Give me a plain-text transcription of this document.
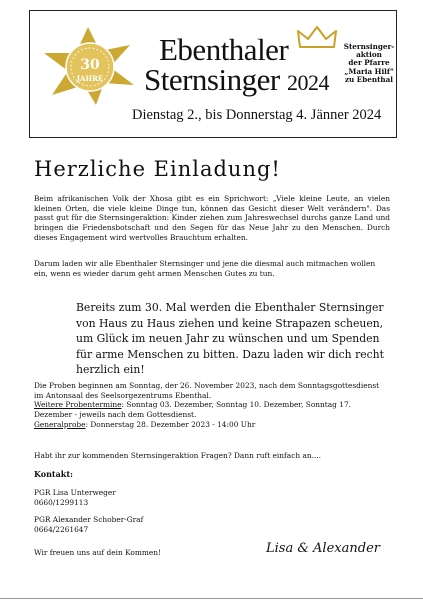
30
JAHRE
Ebenthaler
Sternsinger 2024
Sternsinger-
aktion
der Pfarre
„Maria Hilf"
zu Ebenthal
Dienstag 2., bis Donnerstag 4. Jänner 2024
Herzliche Einladung!

Beim afrikanischen Volk der Xhosa gibt es ein Sprichwort: „Viele kleine Leute, an vielen kleinen Orten, die viele kleine Dinge tun, können das Gesicht dieser Welt verändern". Das passt gut für die Sternsingeraktion: Kinder ziehen zum Jahreswechsel durchs ganze Land und bringen die Friedensbotschaft und den Segen für das Neue Jahr zu den Menschen. Durch dieses Engagement wird wertvolles Brauchtum erhalten.

Darum laden wir alle Ebenthaler Sternsinger und jene die diesmal auch mitmachen wollen ein, wenn es wieder darum geht armen Menschen Gutes zu tun.

Bereits zum 30. Mal werden die Ebenthaler Sternsinger von Haus zu Haus ziehen und keine Strapazen scheuen, um Glück im neuen Jahr zu wünschen und um Spenden für arme Menschen zu bitten. Dazu laden wir dich recht herzlich ein!

Die Proben beginnen am Sonntag, der 26. November 2023, nach dem Sonntagsgottesdienst im Antonsaal des Seelsorgezentrums Ebenthal.
Weitere Probentermine: Sonntag 03. Dezember, Sonntag 10. Dezember, Sonntag 17. Dezember - jeweils nach dem Gottesdienst.
Generalprobe: Donnerstag 28. Dezember 2023 - 14:00 Uhr

Habt ihr zur kommenden Sternsingeraktion Fragen? Dann ruft einfach an....

Kontakt:

PGR Lisa Unterweger
0660/1299113
PGR Alexander Schober-Graf
0664/2261647

Wir freuen uns auf dein Kommen!	Lisa & Alexander
